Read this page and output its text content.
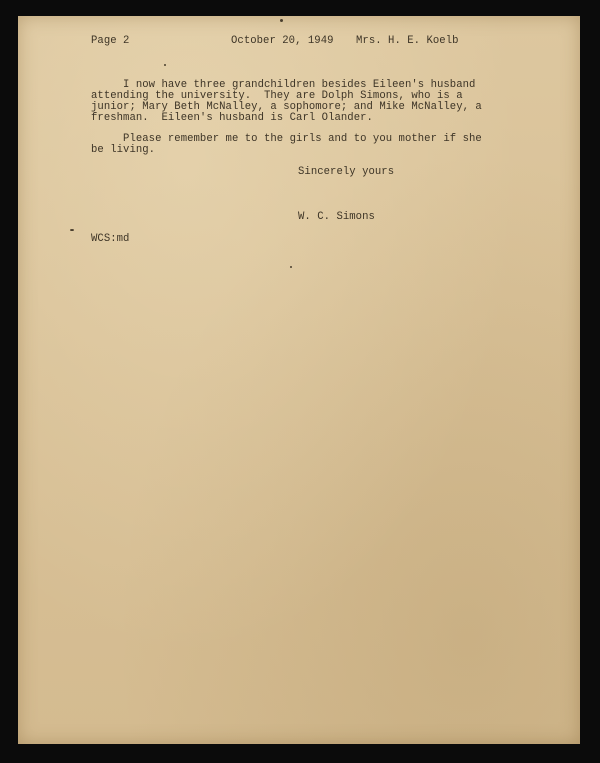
Page 2	October 20, 1949 Mrs. H. E. Koelb
I now have three grandchildren besides Eileen's husband
attending the university.  They are Dolph Simons, who is a
junior; Mary Beth McNalley, a sophomore; and Mike McNalley, a
freshman.  Eileen's husband is Carl Olander.
Please remember me to the girls and to you mother if she
be living.
Sincerely yours
W. C. Simons
WCS:md
